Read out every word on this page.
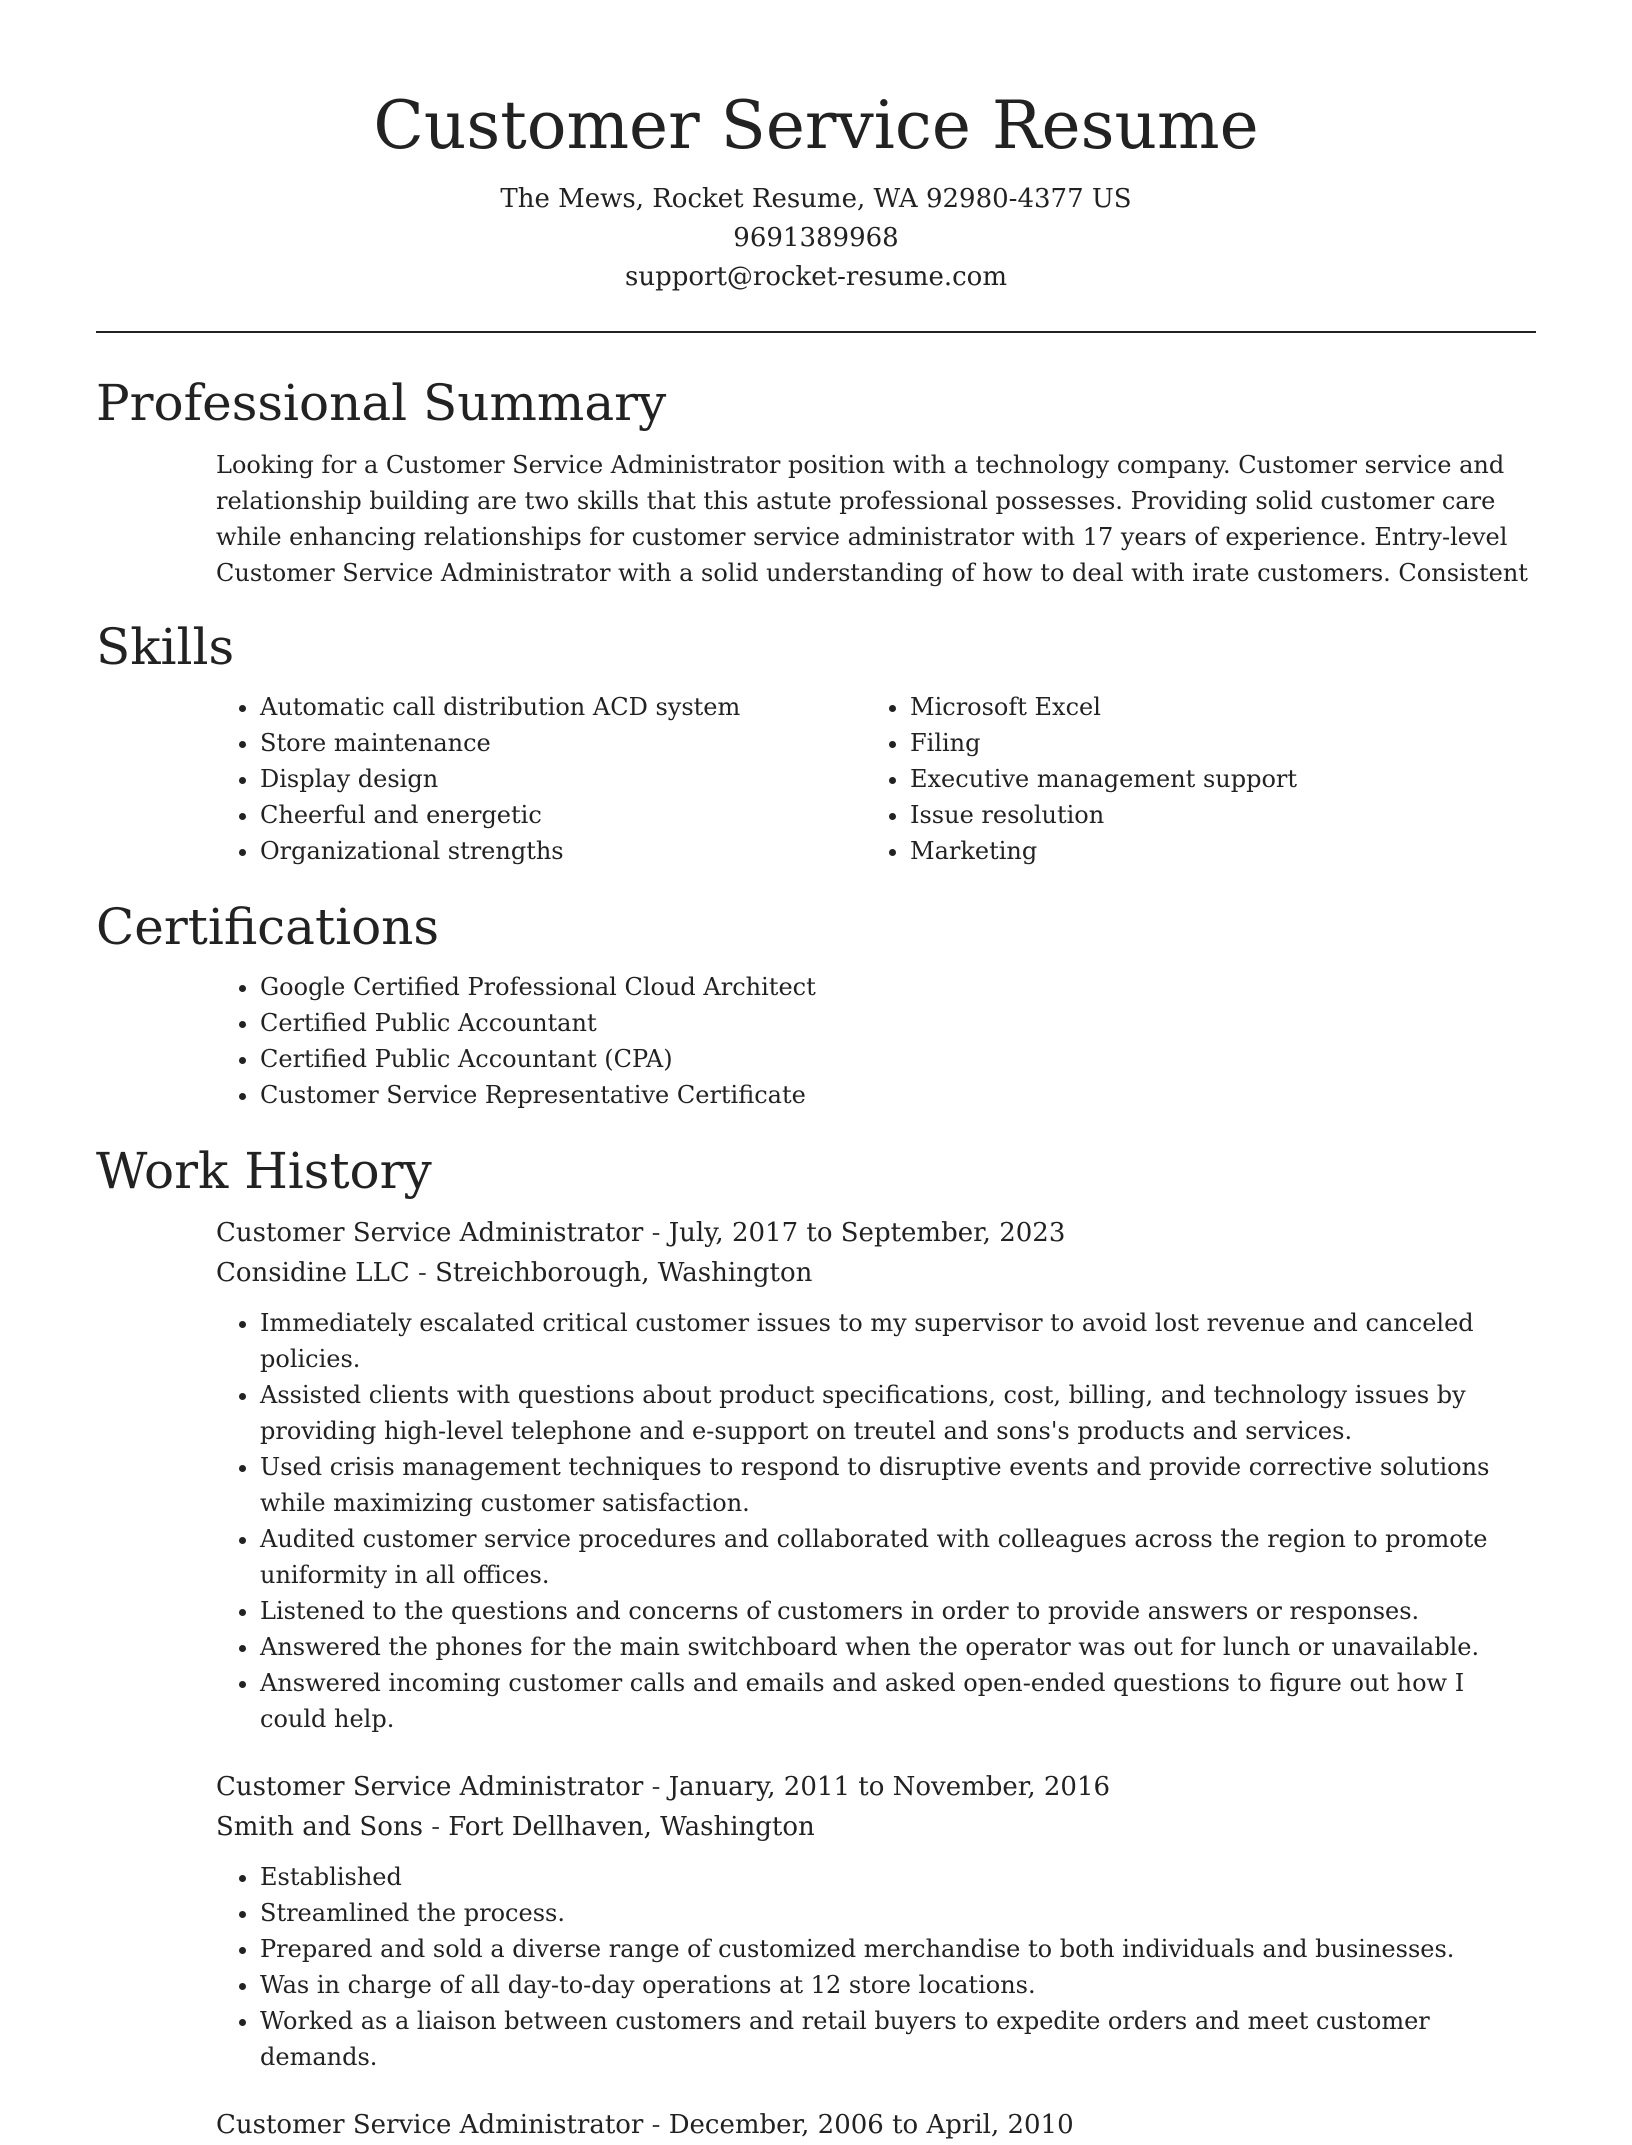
Customer Service Resume

The Mews, Rocket Resume, WA 92980-4377 US

9691389968

support@rocket-resume.com

Professional Summary

Looking for a Customer Service Administrator position with a technology company. Customer service and relationship building are two skills that this astute professional possesses. Providing solid customer care while enhancing relationships for customer service administrator with 17 years of experience. Entry-level Customer Service Administrator with a solid understanding of how to deal with irate customers. Consistent

Skills
• Automatic call distribution ACD system
• Store maintenance
• Display design
• Cheerful and energetic
• Organizational strengths
• Microsoft Excel
• Filing
• Executive management support
• Issue resolution
• Marketing
Certifications
• Google Certified Professional Cloud Architect
• Certified Public Accountant
• Certified Public Accountant (CPA)
• Customer Service Representative Certificate
Work History

Customer Service Administrator - July, 2017 to September, 2023

Considine LLC - Streichborough, Washington

• Immediately escalated critical customer issues to my supervisor to avoid lost revenue and canceled policies.
• Assisted clients with questions about product specifications, cost, billing, and technology issues by providing high-level telephone and e-support on treutel and sons's products and services.
• Used crisis management techniques to respond to disruptive events and provide corrective solutions while maximizing customer satisfaction.
• Audited customer service procedures and collaborated with colleagues across the region to promote uniformity in all offices.
• Listened to the questions and concerns of customers in order to provide answers or responses.
• Answered the phones for the main switchboard when the operator was out for lunch or unavailable.
• Answered incoming customer calls and emails and asked open-ended questions to figure out how I could help.

Customer Service Administrator - January, 2011 to November, 2016

Smith and Sons - Fort Dellhaven, Washington

• Established
• Streamlined the process.
• Prepared and sold a diverse range of customized merchandise to both individuals and businesses.
• Was in charge of all day-to-day operations at 12 store locations.
• Worked as a liaison between customers and retail buyers to expedite orders and meet customer demands.

Customer Service Administrator - December, 2006 to April, 2010
